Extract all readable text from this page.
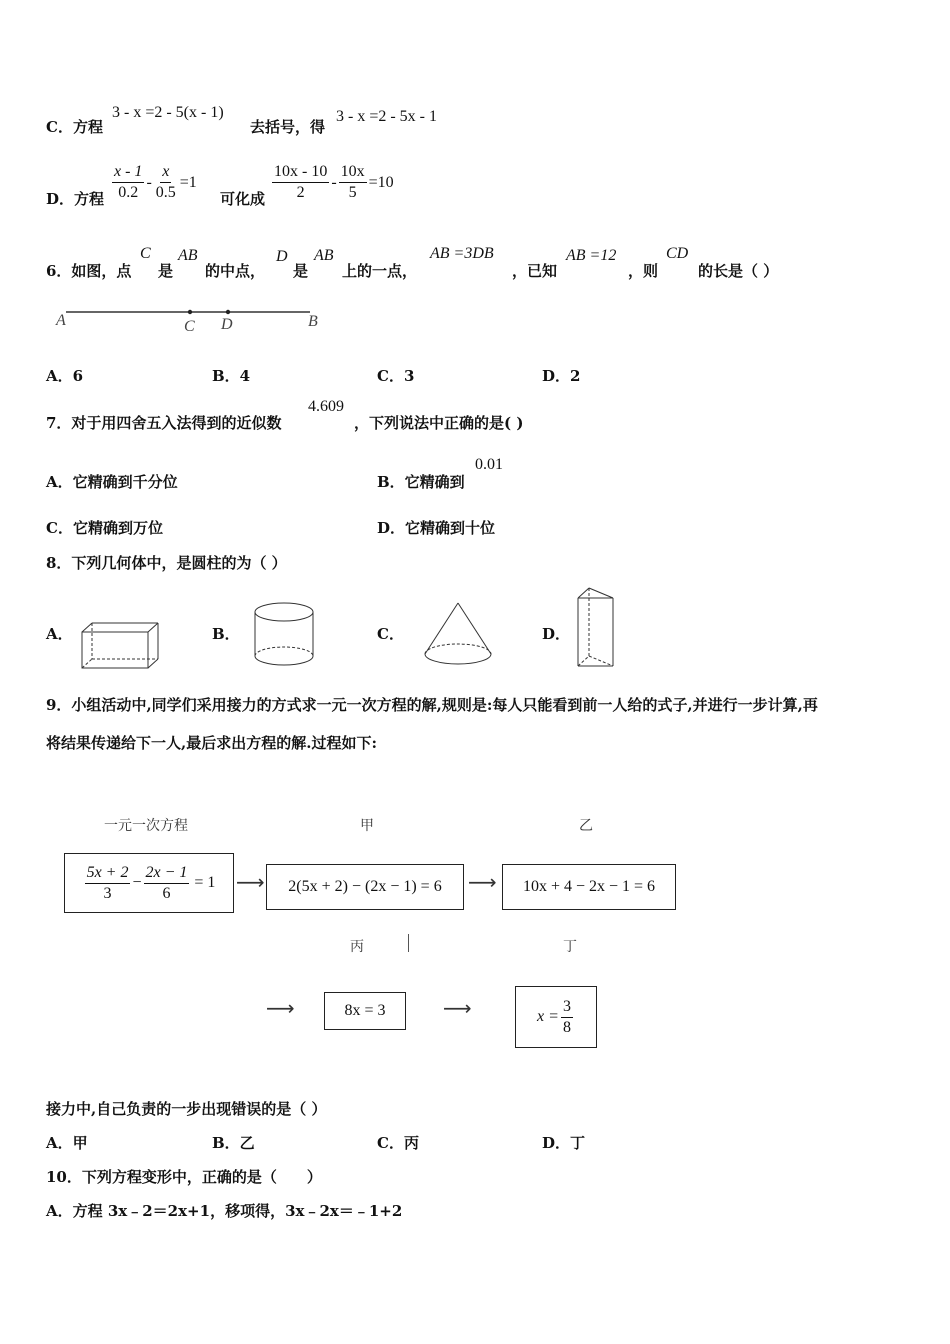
C．方程
3 - x =2 - 5(x - 1)
去括号，得
3 - x =2 - 5x - 1
D．方程 $\frac{x - 1}{0.2} - \frac{x}{0.5} =1$
可化成 $\frac{10x - 10}{2} - \frac{10x}{5} =10$
6．如图，点
C
是
AB
的中点，
D
是
AB
上的一点，
AB =3DB
，已知
AB =12
，则
CD
的长是（ ）
A	C D	B
A．6	B．4	C．3	D．2
7．对于用四舍五入法得到的近似数
4.609
，下列说法中正确的是( )
A．它精确到千分位	B．它精确到
0.01
C．它精确到万位	D．它精确到十位
8．下列几何体中，是圆柱的为（ ）
A．	B．	C．	D．
9．小组活动中,同学们采用接力的方式求一元一次方程的解,规则是:每人只能看到前一人给的式子,并进行一步计算,再
将结果传递给下一人,最后求出方程的解.过程如下:
一元一次方程	甲	乙
丙	丁
$\frac{5x + 2}{3} - \frac{2x - 1}{6} = 1$ ⟶ 2(5x + 2) − (2x − 1) = 6 ⟶ 10x + 4 − 2x − 1 = 6
⟶	8x = 3	⟶	$x = \frac{3}{8}$
接力中,自己负责的一步出现错误的是（ ）
A．甲	B．乙	C．丙	D．丁
10．下列方程变形中，正确的是（　　）
A．方程 3x﹣2＝2x+1，移项得，3x﹣2x＝﹣1+2
